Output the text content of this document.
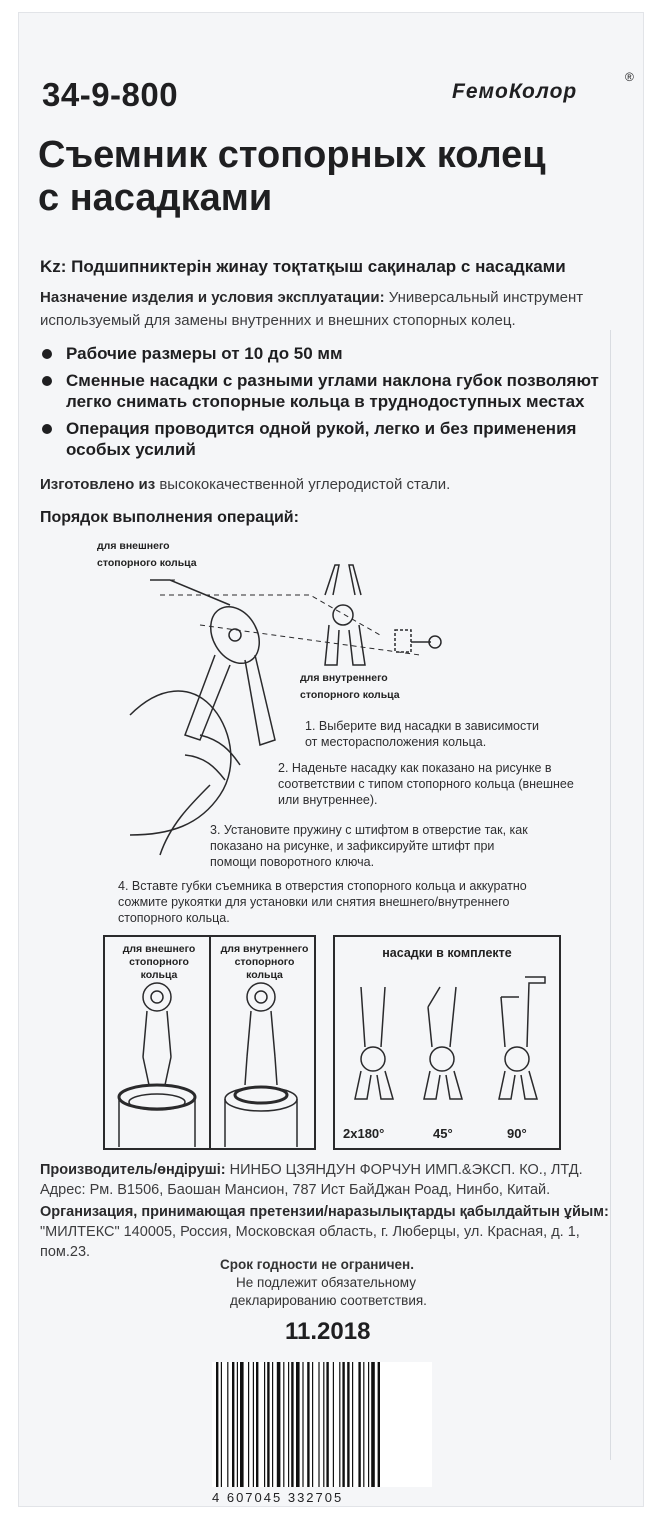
34-9-800	FемоКолор
®
Съемник стопорных колец
с насадками
Kz: Подшипниктерін жинау тоқтатқыш сақиналар с насадками
Назначение изделия и условия эксплуатации: Универсальный инструмент используемый для замены внутренних и внешних стопорных колец.
Рабочие размеры от 10 до 50 мм
Сменные насадки с разными углами наклона губок позволяют легко снимать стопорные кольца в труднодоступных местах
Операция проводится одной рукой, легко и без применения особых усилий
Изготовлено из высококачественной углеродистой стали.
Порядок выполнения операций:
для внешнего
стопорного кольца
для внутреннего
стопорного кольца
1. Выберите вид насадки в зависимости от месторасположения кольца.
2. Наденьте насадку как показано на рисунке в соответствии с типом стопорного кольца (внешнее или внутреннее).
3. Установите пружину с штифтом в отверстие так, как показано на рисунке, и зафиксируйте штифт при помощи поворотного ключа.
4. Вставте губки съемника в отверстия стопорного кольца и аккуратно сожмите рукоятки для установки или снятия внешнего/внутреннего стопорного кольца.
для внешнего
стопорного кольца
для внутреннего
стопорного кольца
насадки в комплекте
2x180°	45°	90°
Производитель/өндіруші: НИНБО ЦЗЯНДУН ФОРЧУН ИМП.&ЭКСП. КО., ЛТД. Адрес: Рм. В1506, Баошан Мансион, 787 Ист БайДжан Роад, Нинбо, Китай.
Организация, принимающая претензии/наразылықтарды қабылдайтын ұйым: "МИЛТЕКС" 140005, Россия, Московская область, г. Люберцы, ул. Красная, д. 1, пом.23.
Срок годности не ограничен.
Не подлежит обязательному
декларированию соответствия.
11.2018
4 607045 332705
